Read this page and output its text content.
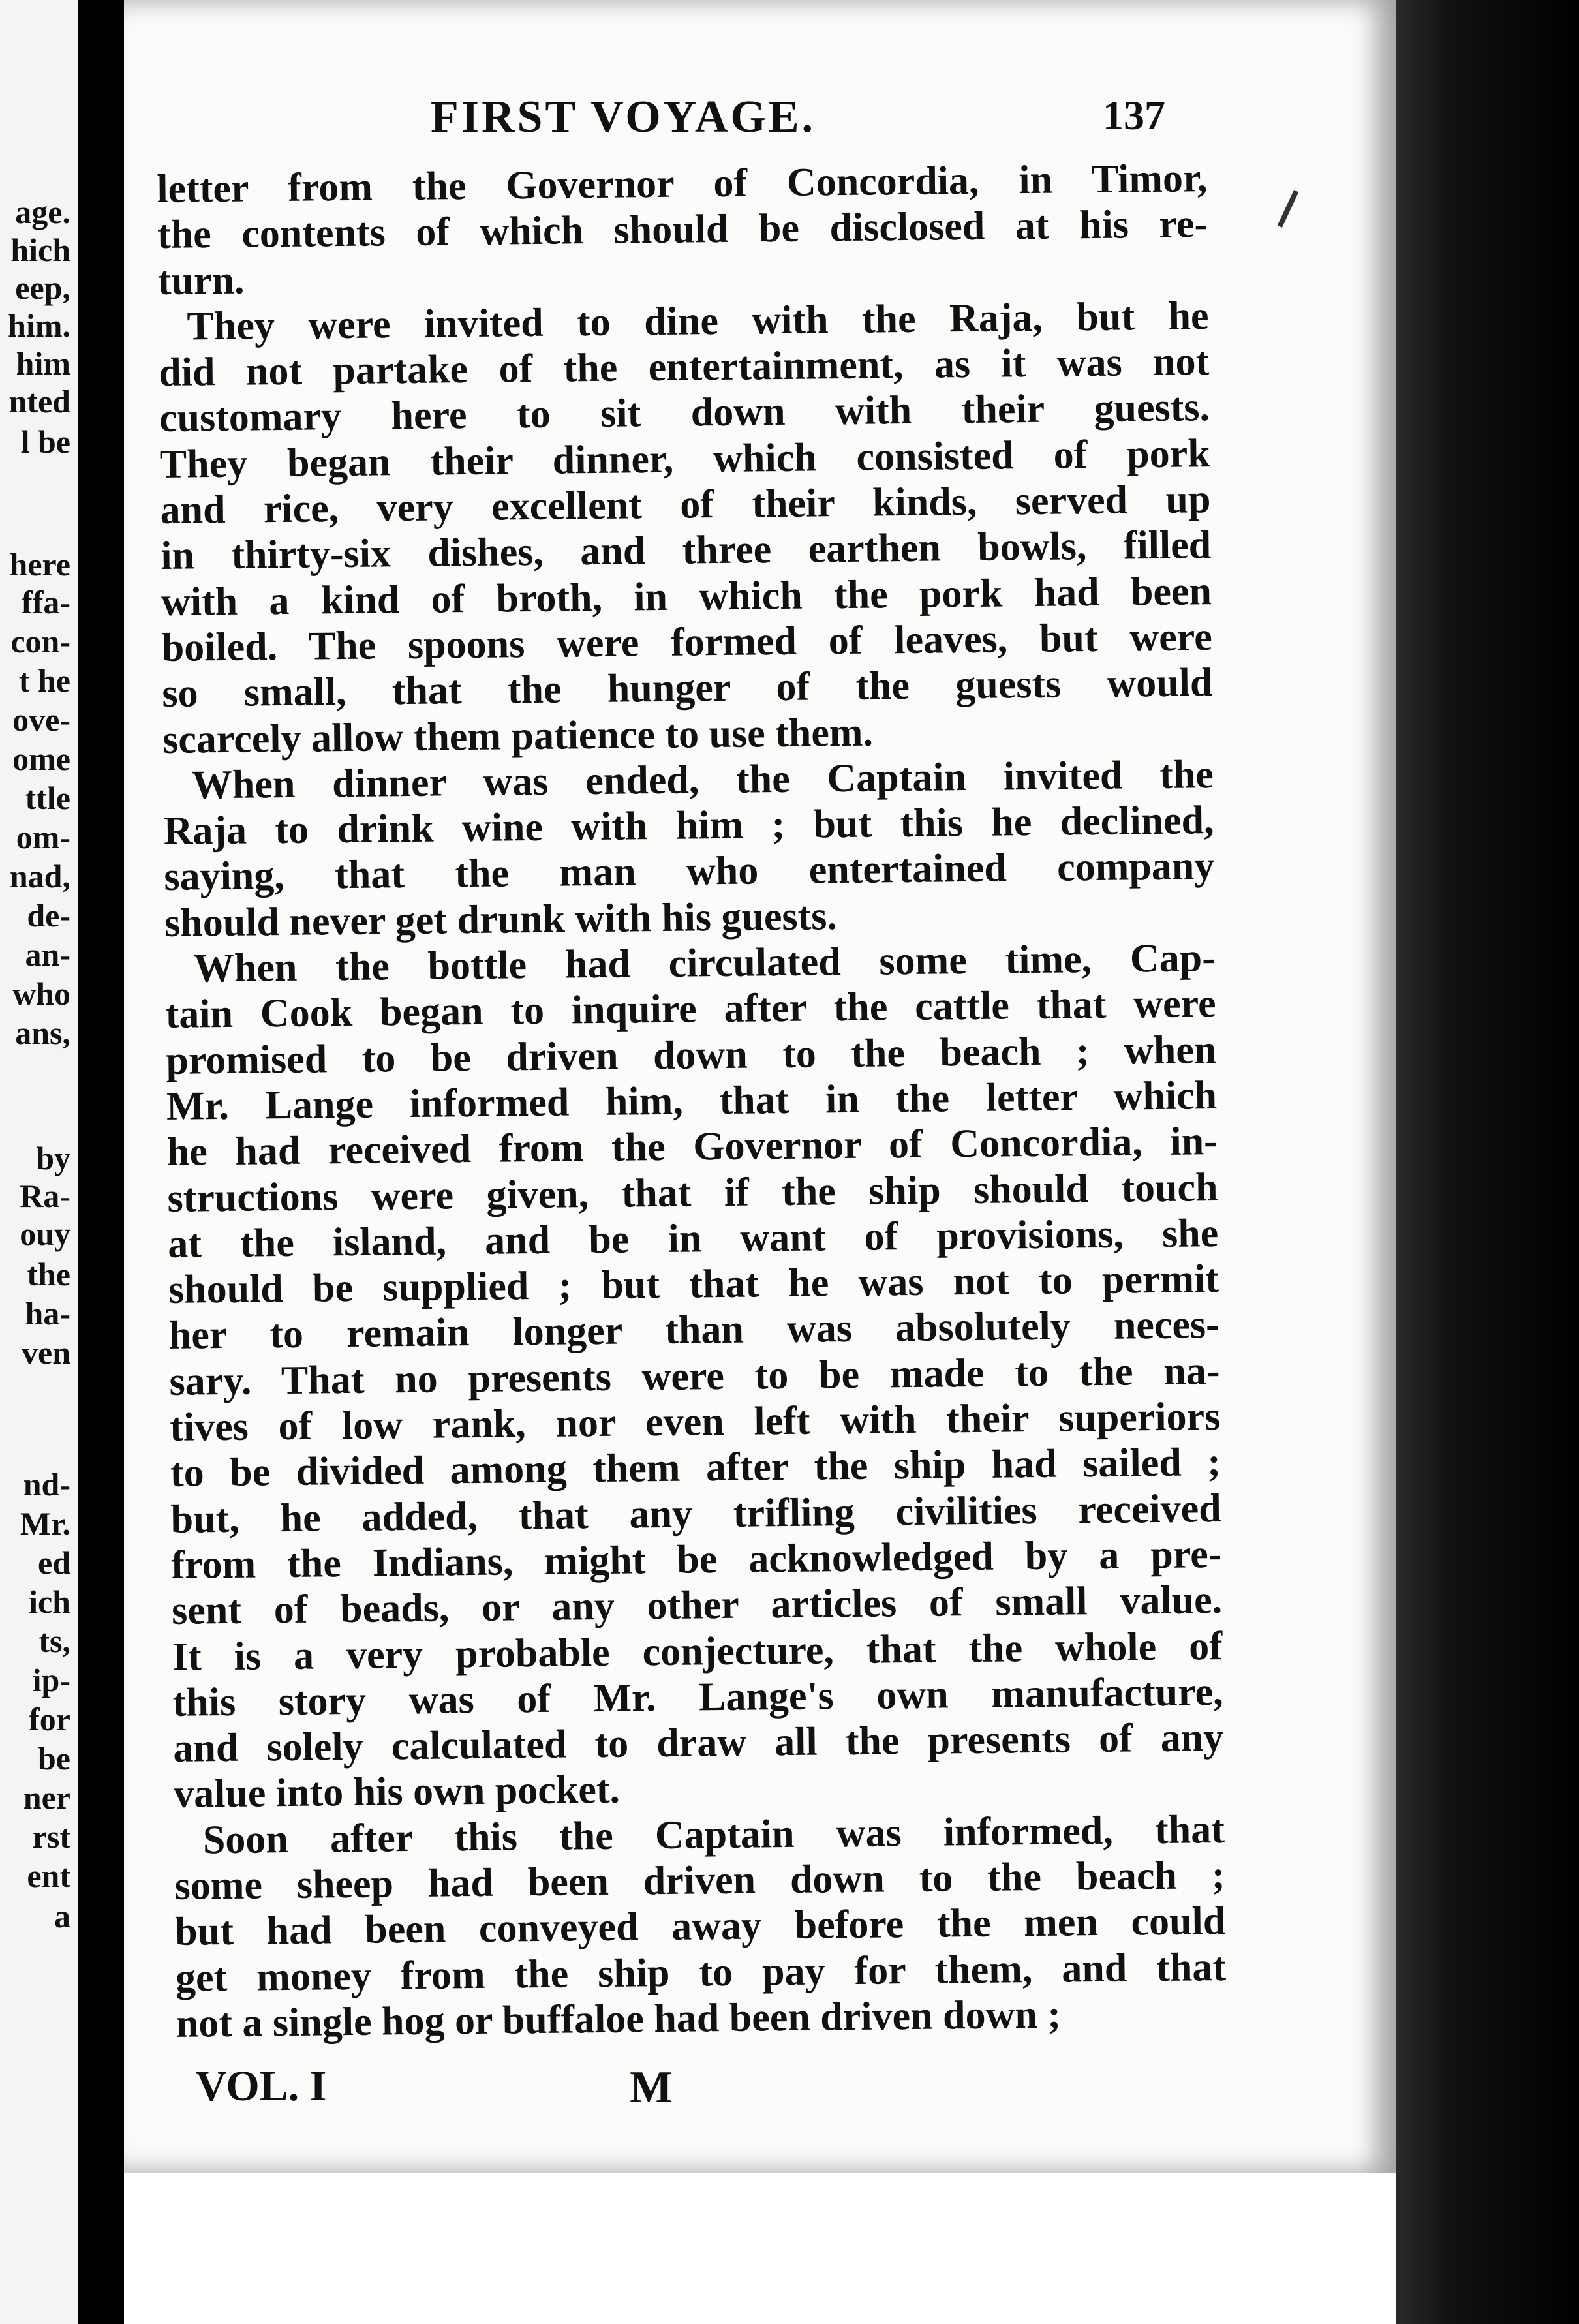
age.
hich
eep,
him.
him
nted
l be
here
ffa-
con-
t he
ove-
ome
ttle
om-
nad,
de-
an-
who
ans,
by
Ra-
ouy
the
ha-
ven
nd-
Mr.
ed
ich
ts,
ip-
for
be
ner
rst
ent
a
FIRST VOYAGE.	137
letter from the Governor of Concordia, in Timor,
the contents of which should be disclosed at his re-
turn.
They were invited to dine with the Raja, but he
did not partake of the entertainment, as it was not
customary here to sit down with their guests.
They began their dinner, which consisted of pork
and rice, very excellent of their kinds, served up
in thirty-six dishes, and three earthen bowls, filled
with a kind of broth, in which the pork had been
boiled. The spoons were formed of leaves, but were
so small, that the hunger of the guests would
scarcely allow them patience to use them.
When dinner was ended, the Captain invited the
Raja to drink wine with him ; but this he declined,
saying, that the man who entertained company
should never get drunk with his guests.
When the bottle had circulated some time, Cap-
tain Cook began to inquire after the cattle that were
promised to be driven down to the beach ; when
Mr. Lange informed him, that in the letter which
he had received from the Governor of Concordia, in-
structions were given, that if the ship should touch
at the island, and be in want of provisions, she
should be supplied ; but that he was not to permit
her to remain longer than was absolutely neces-
sary. That no presents were to be made to the na-
tives of low rank, nor even left with their superiors
to be divided among them after the ship had sailed ;
but, he added, that any trifling civilities received
from the Indians, might be acknowledged by a pre-
sent of beads, or any other articles of small value.
It is a very probable conjecture, that the whole of
this story was of Mr. Lange's own manufacture,
and solely calculated to draw all the presents of any
value into his own pocket.
Soon after this the Captain was informed, that
some sheep had been driven down to the beach ;
but had been conveyed away before the men could
get money from the ship to pay for them, and that
not a single hog or buffaloe had been driven down ;
VOL. I	M
